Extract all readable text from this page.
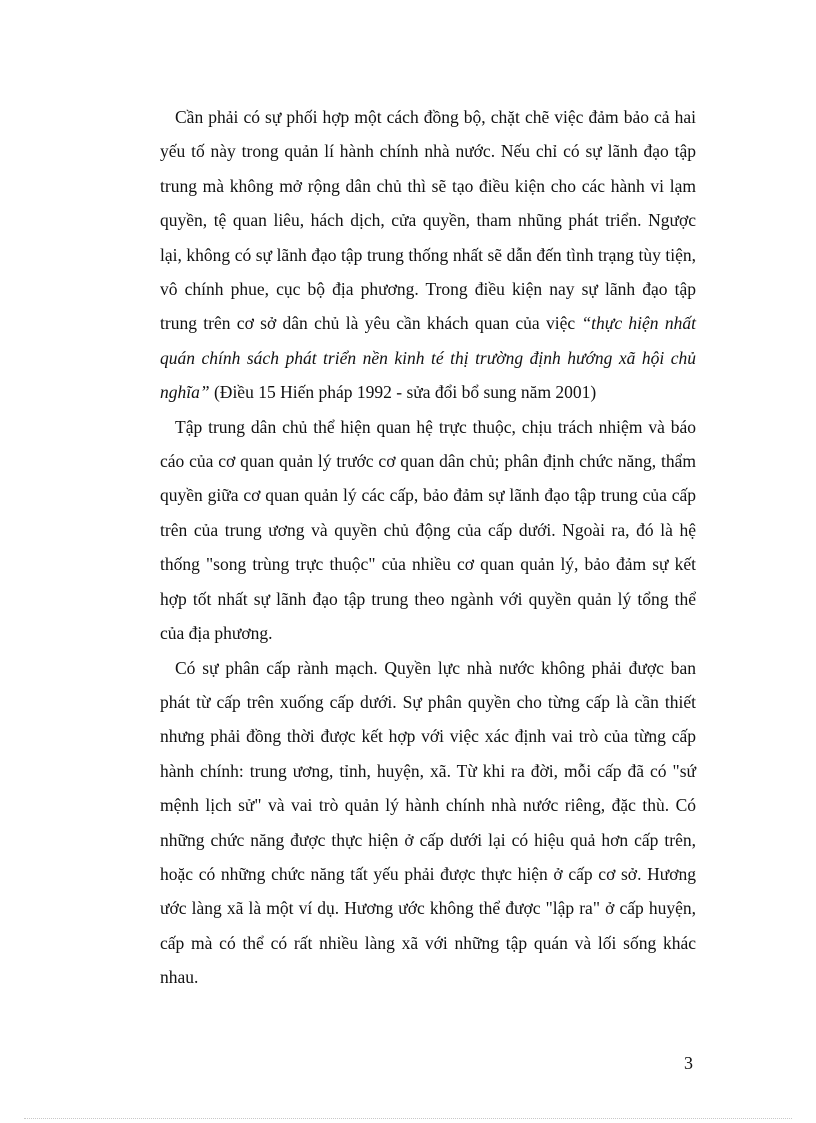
Cần phải có sự phối hợp một cách đồng bộ, chặt chẽ việc đảm bảo cả hai yếu tố này trong quản lí hành chính nhà nước. Nếu chỉ có sự lãnh đạo tập trung mà không mở rộng dân chủ thì sẽ tạo điều kiện cho các hành vi lạm quyền, tệ quan liêu, hách dịch, cửa quyền, tham nhũng phát triển. Ngược lại, không có sự lãnh đạo tập trung thống nhất sẽ dẫn đến tình trạng tùy tiện, vô chính phue, cục bộ địa phương. Trong điều kiện nay sự lãnh đạo tập trung trên cơ sở dân chủ là yêu cần khách quan của việc “thực hiện nhất quán chính sách phát triển nền kinh té thị trường định hướng xã hội chủ nghĩa” (Điều 15 Hiến pháp 1992 - sửa đổi bổ sung năm 2001)

Tập trung dân chủ thể hiện quan hệ trực thuộc, chịu trách nhiệm và báo cáo của cơ quan quản lý trước cơ quan dân chủ; phân định chức năng, thẩm quyền giữa cơ quan quản lý các cấp, bảo đảm sự lãnh đạo tập trung của cấp trên của trung ương và quyền chủ động của cấp dưới. Ngoài ra, đó là hệ thống "song trùng trực thuộc" của nhiều cơ quan quản lý, bảo đảm sự kết hợp tốt nhất sự lãnh đạo tập trung theo ngành với quyền quản lý tổng thể của địa phương.

Có sự phân cấp rành mạch. Quyền lực nhà nước không phải được ban phát từ cấp trên xuống cấp dưới. Sự phân quyền cho từng cấp là cần thiết nhưng phải đồng thời được kết hợp với việc xác định vai trò của từng cấp hành chính: trung ương, tỉnh, huyện, xã. Từ khi ra đời, mỗi cấp đã có "sứ mệnh lịch sử" và vai trò quản lý hành chính nhà nước riêng, đặc thù. Có những chức năng được thực hiện ở cấp dưới lại có hiệu quả hơn cấp trên, hoặc có những chức năng tất yếu phải được thực hiện ở cấp cơ sở. Hương ước làng xã là một ví dụ. Hương ước không thể được "lập ra" ở cấp huyện, cấp mà có thể có rất nhiều làng xã với những tập quán và lối sống khác nhau.

3
